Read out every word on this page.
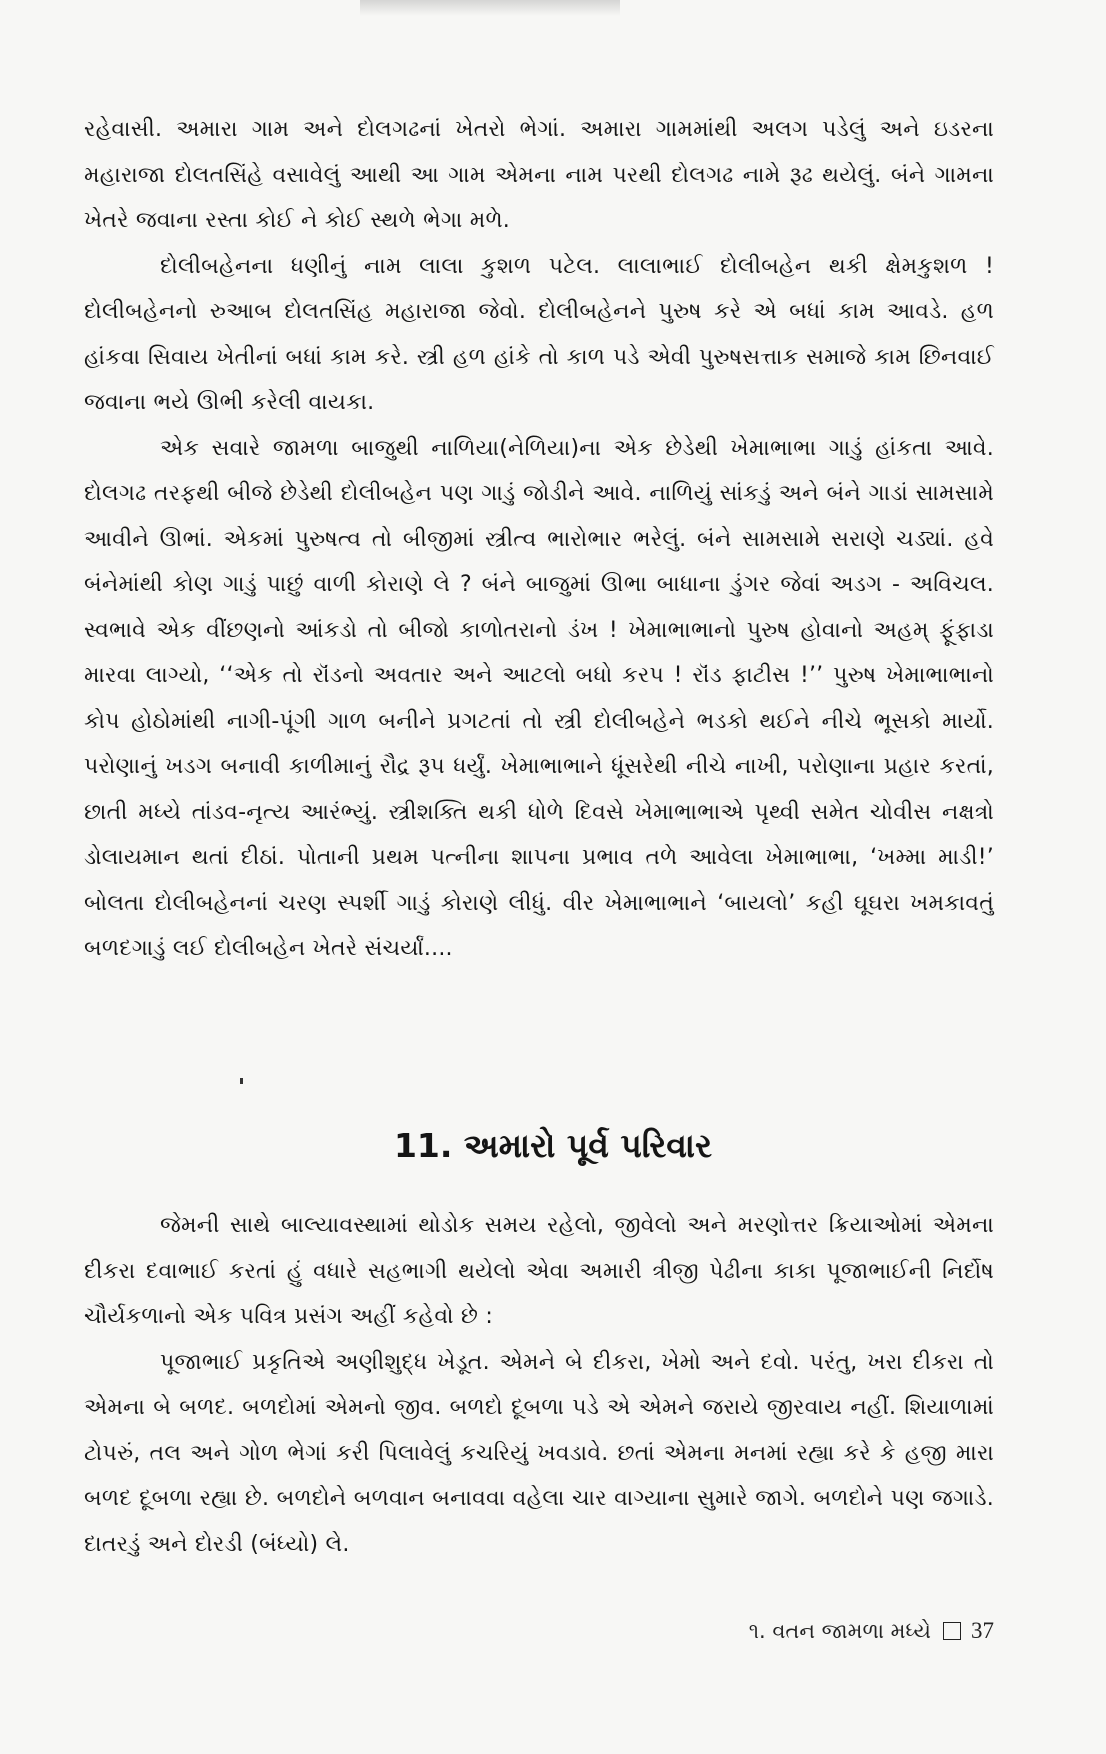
રહેવાસી. અમારા ગામ અને દોલગઢનાં ખેતરો ભેગાં. અમારા ગામમાંથી અલગ પડેલું અને ઇડરના મહારાજા દોલતસિંહે વસાવેલું આથી આ ગામ એમના નામ પરથી દોલગઢ નામે રૂઢ થયેલું. બંને ગામના ખેતરે જવાના રસ્તા કોઈ ને કોઈ સ્થળે ભેગા મળે.

દોલીબહેનના ધણીનું નામ લાલા કુશળ પટેલ. લાલાભાઈ દોલીબહેન થકી ક્ષેમકુશળ ! દોલીબહેનનો રુઆબ દોલતસિંહ મહારાજા જેવો. દોલીબહેનને પુરુષ કરે એ બધાં કામ આવડે. હળ હાંકવા સિવાય ખેતીનાં બધાં કામ કરે. સ્ત્રી હળ હાંકે તો કાળ પડે એવી પુરુષસત્તાક સમાજે કામ છિનવાઈ જવાના ભયે ઊભી કરેલી વાયકા.

એક સવારે જામળા બાજુથી નાળિયા(નેળિયા)ના એક છેડેથી ખેમાભાભા ગાડું હાંકતા આવે. દોલગઢ તરફથી બીજે છેડેથી દોલીબહેન પણ ગાડું જોડીને આવે. નાળિયું સાંકડું અને બંને ગાડાં સામસામે આવીને ઊભાં. એકમાં પુરુષત્વ તો બીજીમાં સ્ત્રીત્વ ભારોભાર ભરેલું. બંને સામસામે સરાણે ચડ્યાં. હવે બંનેમાંથી કોણ ગાડું પાછું વાળી કોરાણે લે ? બંને બાજુમાં ઊભા બાધાના ડુંગર જેવાં અડગ - અવિચલ. સ્વભાવે એક વીંછણનો આંકડો તો બીજો કાળોતરાનો ડંખ ! ખેમાભાભાનો પુરુષ હોવાનો અહમ્ ફૂંફાડા મારવા લાગ્યો, ‘‘એક તો રૉંડનો અવતાર અને આટલો બધો કરપ ! રૉંડ ફાટીસ !’’ પુરુષ ખેમાભાભાનો કોપ હોઠોમાંથી નાગી-પૂંગી ગાળ બનીને પ્રગટતાં તો સ્ત્રી દોલીબહેને ભડકો થઈને નીચે ભૂસકો માર્યો. પરોણાનું ખડગ બનાવી કાળીમાનું રૌદ્ર રૂપ ધર્યું. ખેમાભાભાને ધૂંસરેથી નીચે નાખી, પરોણાના પ્રહાર કરતાં, છાતી મધ્યે તાંડવ-નૃત્ય આરંભ્યું. સ્ત્રીશક્તિ થકી ધોળે દિવસે ખેમાભાભાએ પૃથ્વી સમેત ચોવીસ નક્ષત્રો ડોલાયમાન થતાં દીઠાં. પોતાની પ્રથમ પત્નીના શાપના પ્રભાવ તળે આવેલા ખેમાભાભા, ‘ખમ્મા માડી!’ બોલતા દોલીબહેનનાં ચરણ સ્પર્શી ગાડું કોરાણે લીધું. વીર ખેમાભાભાને ‘બાયલો’ કહી ઘૂઘરા ખમકાવતું બળદગાડું લઈ દોલીબહેન ખેતરે સંચર્યાં....

11. અમારો પૂર્વ પરિવાર

જેમની સાથે બાલ્યાવસ્થામાં થોડોક સમય રહેલો, જીવેલો અને મરણોત્તર ક્રિયાઓમાં એમના દીકરા દવાભાઈ કરતાં હું વધારે સહભાગી થયેલો એવા અમારી ત્રીજી પેઢીના કાકા પૂજાભાઈની નિર્દોષ ચૌર્યકળાનો એક પવિત્ર પ્રસંગ અહીં કહેવો છે :

પૂજાભાઈ પ્રકૃતિએ અણીશુદ્ધ ખેડૂત. એમને બે દીકરા, ખેમો અને દવો. પરંતુ, ખરા દીકરા તો એમના બે બળદ. બળદોમાં એમનો જીવ. બળદો દૂબળા પડે એ એમને જરાયે જીરવાય નહીં. શિયાળામાં ટોપરું, તલ અને ગોળ ભેગાં કરી પિલાવેલું કચરિયું ખવડાવે. છતાં એમના મનમાં રહ્યા કરે કે હજી મારા બળદ દૂબળા રહ્યા છે. બળદોને બળવાન બનાવવા વહેલા ચાર વાગ્યાના સુમારે જાગે. બળદોને પણ જગાડે. દાતરડું અને દોરડી (બંધ્યો) લે.

૧. વતન જામળા મધ્યે 37
